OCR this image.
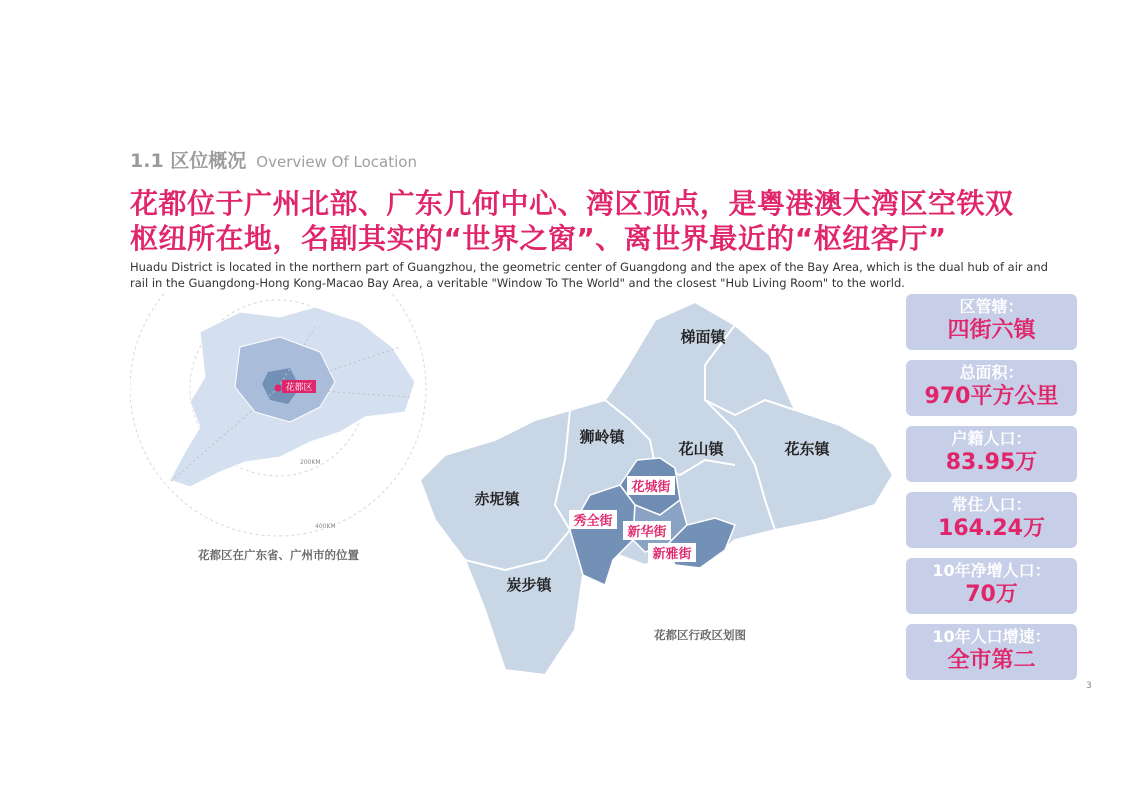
1.1 区位概况 Overview Of Location
花都位于广州北部、广东几何中心、湾区顶点，是粤港澳大湾区空铁双
枢纽所在地，名副其实的“世界之窗”、离世界最近的“枢纽客厅”
Huadu District is located in the northern part of Guangzhou, the geometric center of Guangdong and the apex of the Bay Area, which is the dual hub of air and
rail in the Guangdong-Hong Kong-Macao Bay Area, a veritable "Window To The World" and the closest "Hub Living Room" to the world.
花都区
200KM
400KM
花都区在广东省、广州市的位置
梯面镇
狮岭镇
花山镇	花东镇
赤坭镇
炭步镇
花城街
秀全街
新华街
新雅街
花都区行政区划图
区管辖：
四街六镇
总面积：
970平方公里
户籍人口：
83.95万
常住人口：
164.24万
10年净增人口：
70万
10年人口增速：
全市第二
3
